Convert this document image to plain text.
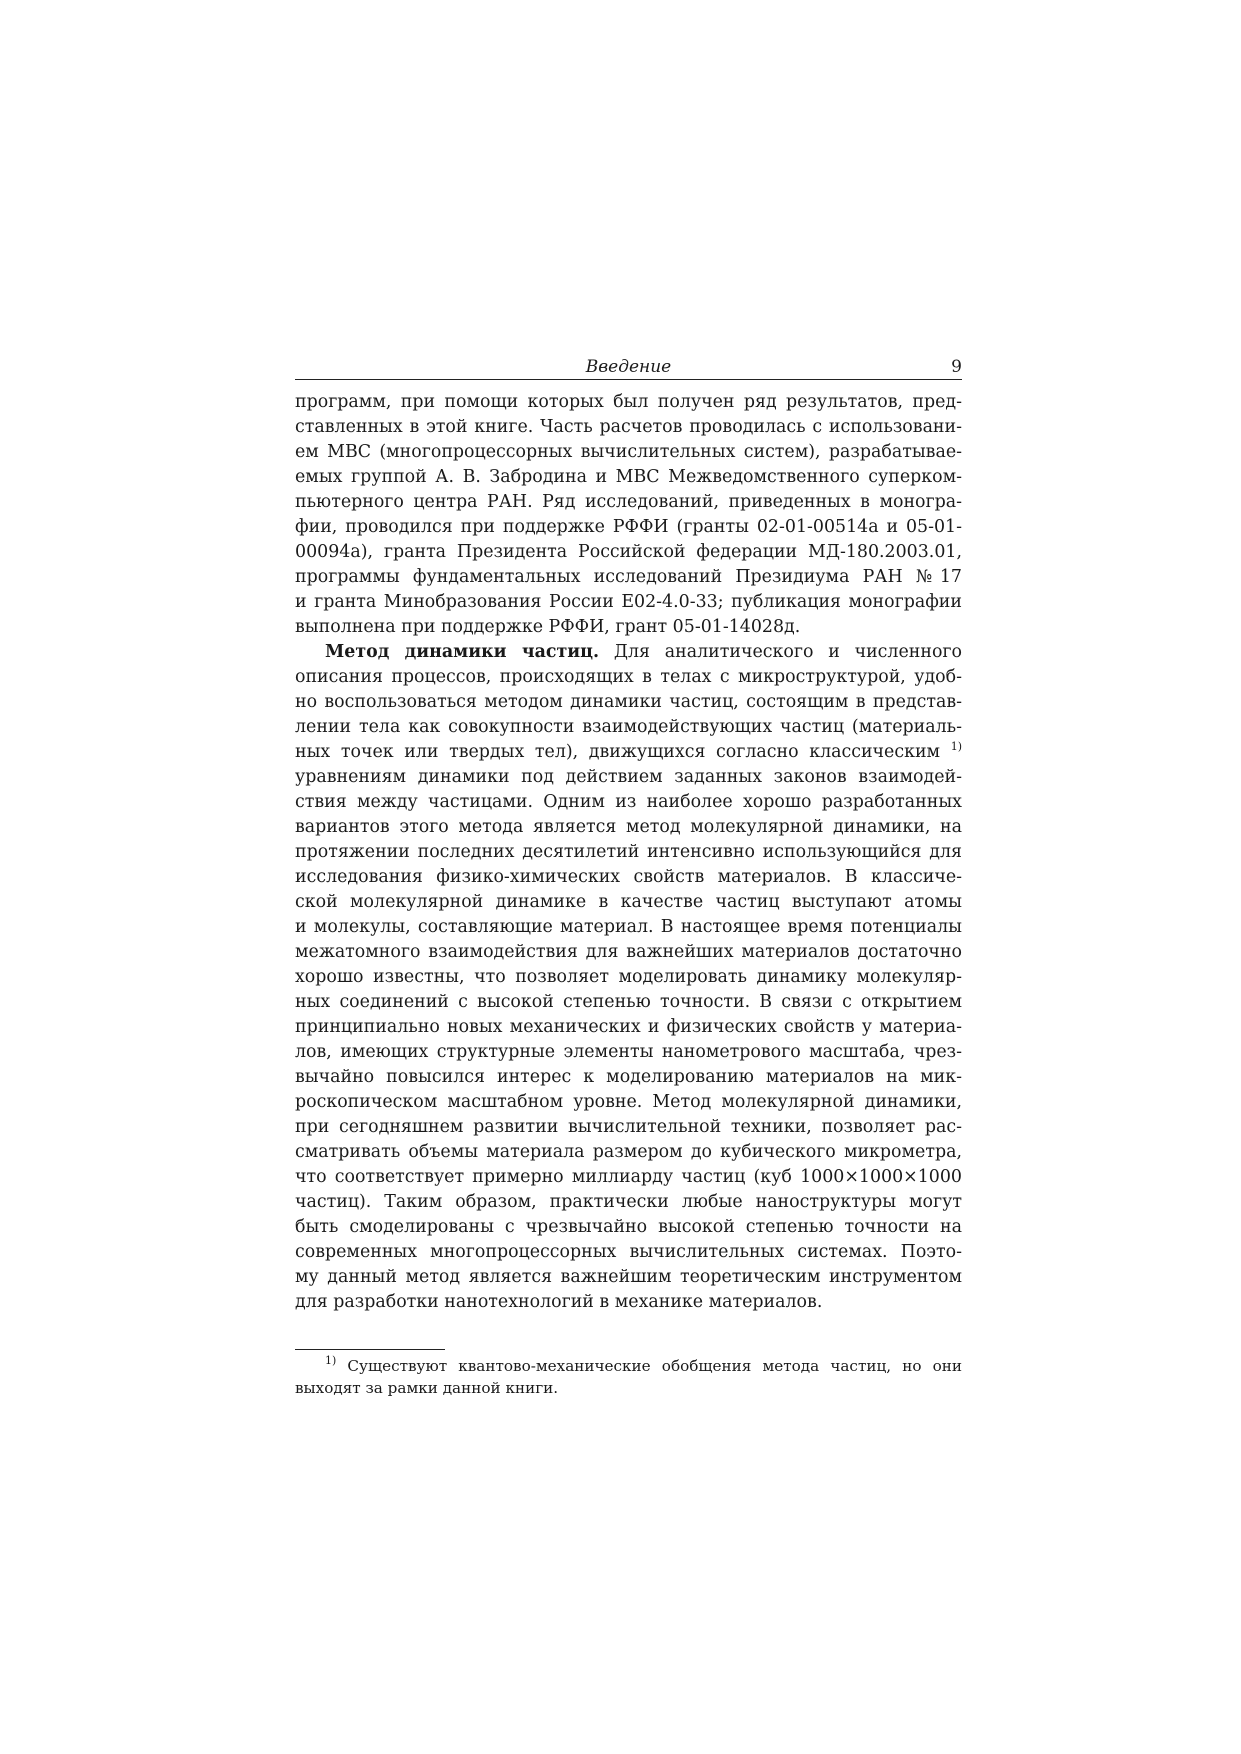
Введение	9
программ, при помощи которых был получен ряд результатов, пред-
ставленных в этой книге. Часть расчетов проводилась с использовани-
ем МВС (многопроцессорных вычислительных систем), разрабатывае-
емых группой А. В. Забродина и МВС Межведомственного суперком-
пьютерного центра РАН. Ряд исследований, приведенных в моногра-
фии, проводился при поддержке РФФИ (гранты 02-01-00514а и 05-01-
00094а), гранта Президента Российской федерации МД-180.2003.01,
программы фундаментальных исследований Президиума РАН №17
и гранта Минобразования России Е02-4.0-33; публикация монографии
выполнена при поддержке РФФИ, грант 05-01-14028д.
Метод динамики частиц. Для аналитического и численного
описания процессов, происходящих в телах с микроструктурой, удоб-
но воспользоваться методом динамики частиц, состоящим в представ-
лении тела как совокупности взаимодействующих частиц (материаль-
ных точек или твердых тел), движущихся согласно классическим $^{1)}$
уравнениям динамики под действием заданных законов взаимодей-
ствия между частицами. Одним из наиболее хорошо разработанных
вариантов этого метода является метод молекулярной динамики, на
протяжении последних десятилетий интенсивно использующийся для
исследования физико-химических свойств материалов. В классиче-
ской молекулярной динамике в качестве частиц выступают атомы
и молекулы, составляющие материал. В настоящее время потенциалы
межатомного взаимодействия для важнейших материалов достаточно
хорошо известны, что позволяет моделировать динамику молекуляр-
ных соединений с высокой степенью точности. В связи с открытием
принципиально новых механических и физических свойств у материа-
лов, имеющих структурные элементы нанометрового масштаба, чрез-
вычайно повысился интерес к моделированию материалов на мик-
роскопическом масштабном уровне. Метод молекулярной динамики,
при сегодняшнем развитии вычислительной техники, позволяет рас-
сматривать объемы материала размером до кубического микрометра,
что соответствует примерно миллиарду частиц (куб 1000×1000×1000
частиц). Таким образом, практически любые наноструктуры могут
быть смоделированы с чрезвычайно высокой степенью точности на
современных многопроцессорных вычислительных системах. Поэто-
му данный метод является важнейшим теоретическим инструментом
для разработки нанотехнологий в механике материалов.
$^{1)}$ Существуют квантово-механические обобщения метода частиц, но они
выходят за рамки данной книги.
